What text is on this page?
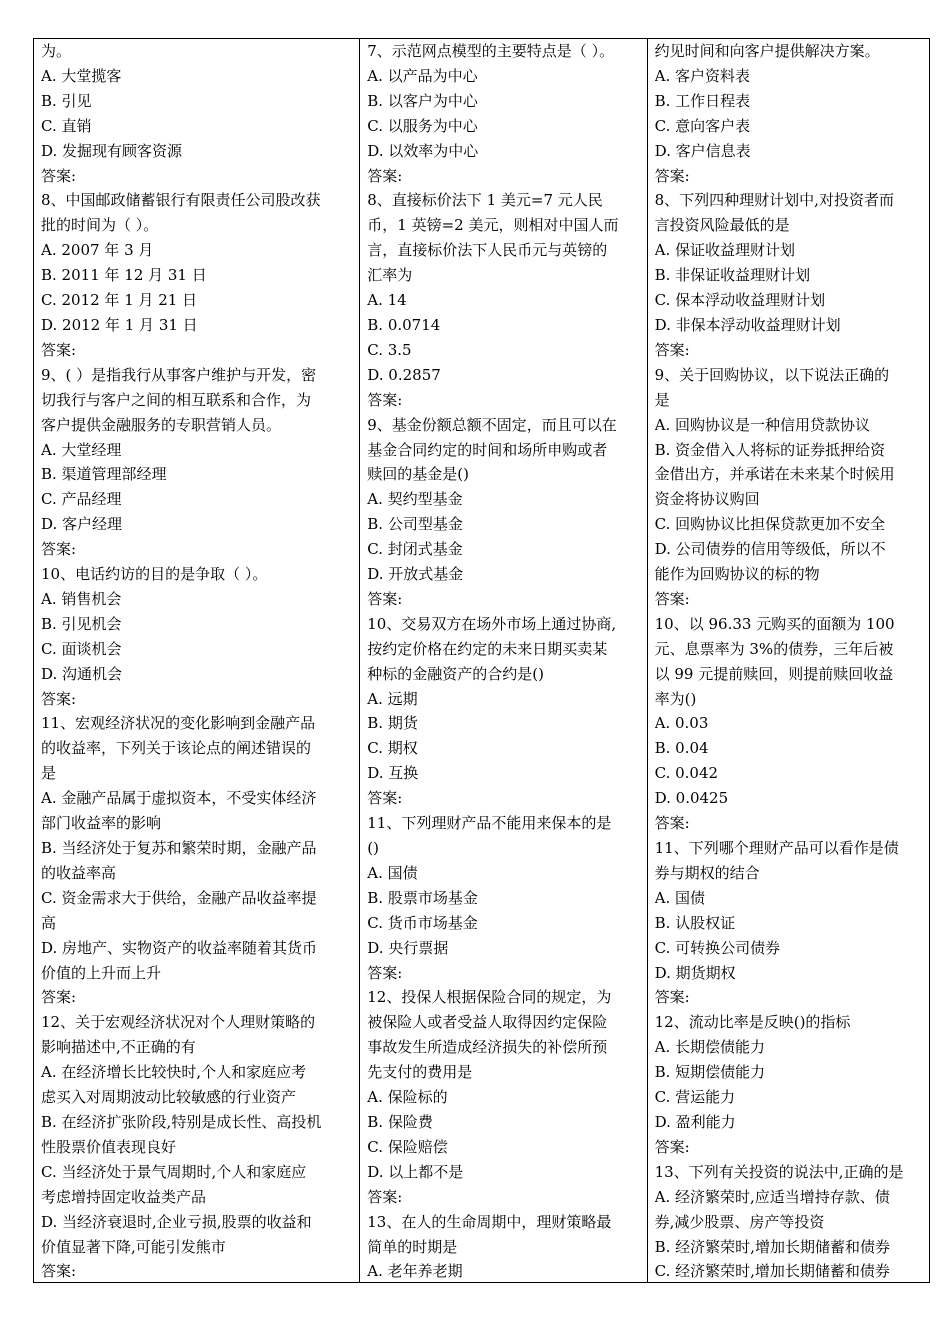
为。
A. 大堂揽客
B. 引见
C. 直销
D. 发掘现有顾客资源
答案:
8、中国邮政储蓄银行有限责任公司股改获
批的时间为（ ）。
A. 2007 年 3 月
B. 2011 年 12 月 31 日
C. 2012 年 1 月 21 日
D. 2012 年 1 月 31 日
答案:
9、( ）是指我行从事客户维护与开发，密
切我行与客户之间的相互联系和合作，为
客户提供金融服务的专职营销人员。
A. 大堂经理
B. 渠道管理部经理
C. 产品经理
D. 客户经理
答案:
10、电话约访的目的是争取（ ）。
A. 销售机会
B. 引见机会
C. 面谈机会
D. 沟通机会
答案:
11、宏观经济状况的变化影响到金融产品
的收益率，下列关于该论点的阐述错误的
是
A. 金融产品属于虚拟资本，不受实体经济
部门收益率的影响
B. 当经济处于复苏和繁荣时期，金融产品
的收益率高
C. 资金需求大于供给，金融产品收益率提
高
D. 房地产、实物资产的收益率随着其货币
价值的上升而上升
答案:
12、关于宏观经济状况对个人理财策略的
影响描述中,不正确的有
A. 在经济增长比较快时,个人和家庭应考
虑买入对周期波动比较敏感的行业资产
B. 在经济扩张阶段,特别是成长性、高投机
性股票价值表现良好
C. 当经济处于景气周期时,个人和家庭应
考虑增持固定收益类产品
D. 当经济衰退时,企业亏损,股票的收益和
价值显著下降,可能引发熊市
答案:
7、示范网点模型的主要特点是（ ）。
A. 以产品为中心
B. 以客户为中心
C. 以服务为中心
D. 以效率为中心
答案:
8、直接标价法下 1 美元=7 元人民
币，1 英镑=2 美元，则相对中国人而
言，直接标价法下人民币元与英镑的
汇率为
A. 14
B. 0.0714
C. 3.5
D. 0.2857
答案:
9、基金份额总额不固定，而且可以在
基金合同约定的时间和场所申购或者
赎回的基金是()
A. 契约型基金
B. 公司型基金
C. 封闭式基金
D. 开放式基金
答案:
10、交易双方在场外市场上通过协商,
按约定价格在约定的未来日期买卖某
种标的金融资产的合约是()
A. 远期
B. 期货
C. 期权
D. 互换
答案:
11、下列理财产品不能用来保本的是
()
A. 国债
B. 股票市场基金
C. 货币市场基金
D. 央行票据
答案:
12、投保人根据保险合同的规定，为
被保险人或者受益人取得因约定保险
事故发生所造成经济损失的补偿所预
先支付的费用是
A. 保险标的
B. 保险费
C. 保险赔偿
D. 以上都不是
答案:
13、在人的生命周期中，理财策略最
简单的时期是
A. 老年养老期
约见时间和向客户提供解决方案。
A. 客户资料表
B. 工作日程表
C. 意向客户表
D. 客户信息表
答案:
8、下列四种理财计划中,对投资者而
言投资风险最低的是
A. 保证收益理财计划
B. 非保证收益理财计划
C. 保本浮动收益理财计划
D. 非保本浮动收益理财计划
答案:
9、关于回购协议，以下说法正确的
是
A. 回购协议是一种信用贷款协议
B. 资金借入人将标的证券抵押给资
金借出方，并承诺在未来某个时候用
资金将协议购回
C. 回购协议比担保贷款更加不安全
D. 公司债券的信用等级低，所以不
能作为回购协议的标的物
答案:
10、以 96.33 元购买的面额为 100
元、息票率为 3%的债券，三年后被
以 99 元提前赎回，则提前赎回收益
率为()
A. 0.03
B. 0.04
C. 0.042
D. 0.0425
答案:
11、下列哪个理财产品可以看作是债
券与期权的结合
A. 国债
B. 认股权证
C. 可转换公司债券
D. 期货期权
答案:
12、流动比率是反映()的指标
A. 长期偿债能力
B. 短期偿债能力
C. 营运能力
D. 盈利能力
答案:
13、下列有关投资的说法中,正确的是
A. 经济繁荣时,应适当增持存款、债
券,减少股票、房产等投资
B. 经济繁荣时,增加长期储蓄和债券
C. 经济繁荣时,增加长期储蓄和债券
